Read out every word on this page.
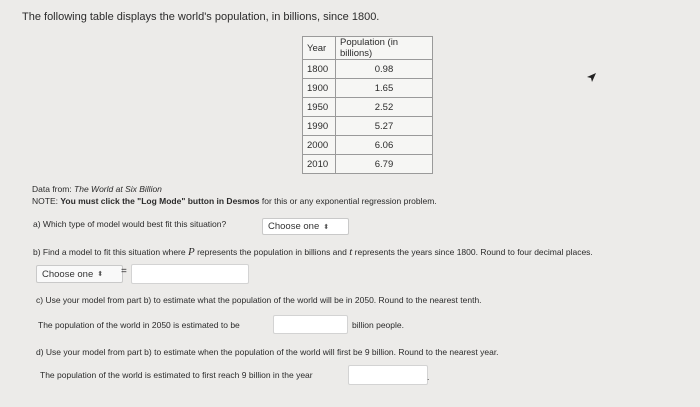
The following table displays the world's population, in billions, since 1800.
Year	Population (in billions)
1800	0.98
1900	1.65
1950	2.52
1990	5.27
2000	6.06
2010	6.79
Data from: The World at Six Billion
NOTE: You must click the "Log Mode" button in Desmos for this or any exponential regression problem.
a) Which type of model would best fit this situation?	Choose one ⬍
b) Find a model to fit this situation where P represents the population in billions and t represents the years since 1800. Round to four decimal places.
Choose one ⬍ =
c) Use your model from part b) to estimate what the population of the world will be in 2050. Round to the nearest tenth.
The population of the world in 2050 is estimated to be	billion people.
d) Use your model from part b) to estimate when the population of the world will first be 9 billion. Round to the nearest year.
The population of the world is estimated to first reach 9 billion in the year	.
